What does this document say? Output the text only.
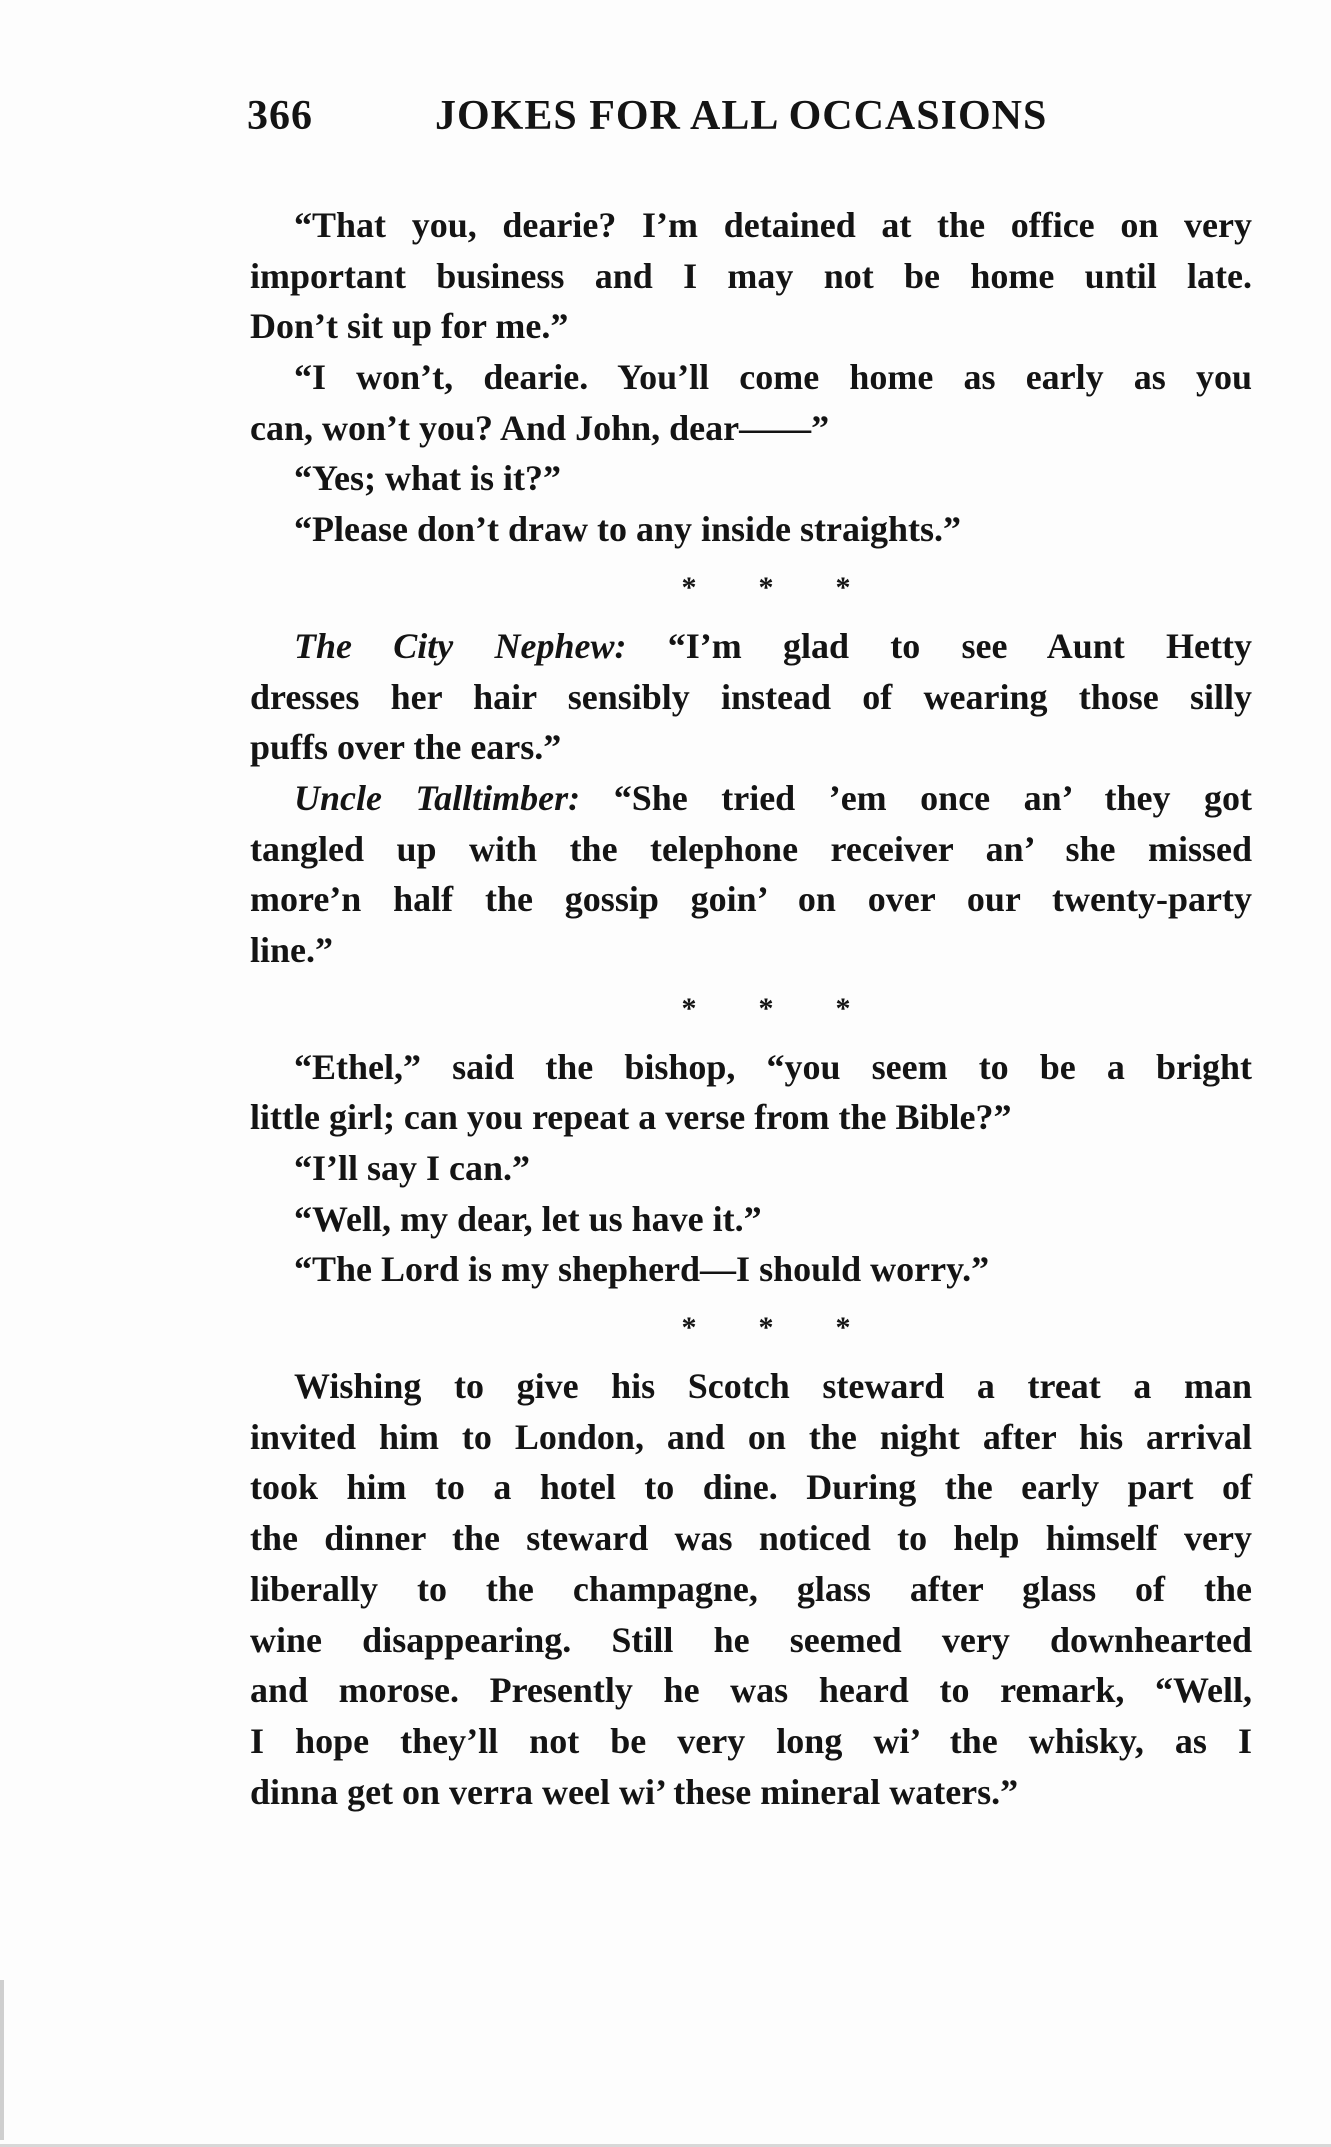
366	JOKES FOR ALL OCCASIONS
“That you, dearie? I’m detained at the office on very
important business and I may not be home until late.
Don’t sit up for me.”
“I won’t, dearie. You’ll come home as early as you
can, won’t you? And John, dear——”
“Yes; what is it?”
“Please don’t draw to any inside straights.”
* * *
The City Nephew: “I’m glad to see Aunt Hetty
dresses her hair sensibly instead of wearing those silly
puffs over the ears.”
Uncle Talltimber: “She tried ’em once an’ they got
tangled up with the telephone receiver an’ she missed
more’n half the gossip goin’ on over our twenty-party
line.”
* * *
“Ethel,” said the bishop, “you seem to be a bright
little girl; can you repeat a verse from the Bible?”
“I’ll say I can.”
“Well, my dear, let us have it.”
“The Lord is my shepherd—I should worry.”
* * *
Wishing to give his Scotch steward a treat a man
invited him to London, and on the night after his arrival
took him to a hotel to dine. During the early part of
the dinner the steward was noticed to help himself very
liberally to the champagne, glass after glass of the
wine disappearing. Still he seemed very downhearted
and morose. Presently he was heard to remark, “Well,
I hope they’ll not be very long wi’ the whisky, as I
dinna get on verra weel wi’ these mineral waters.”
